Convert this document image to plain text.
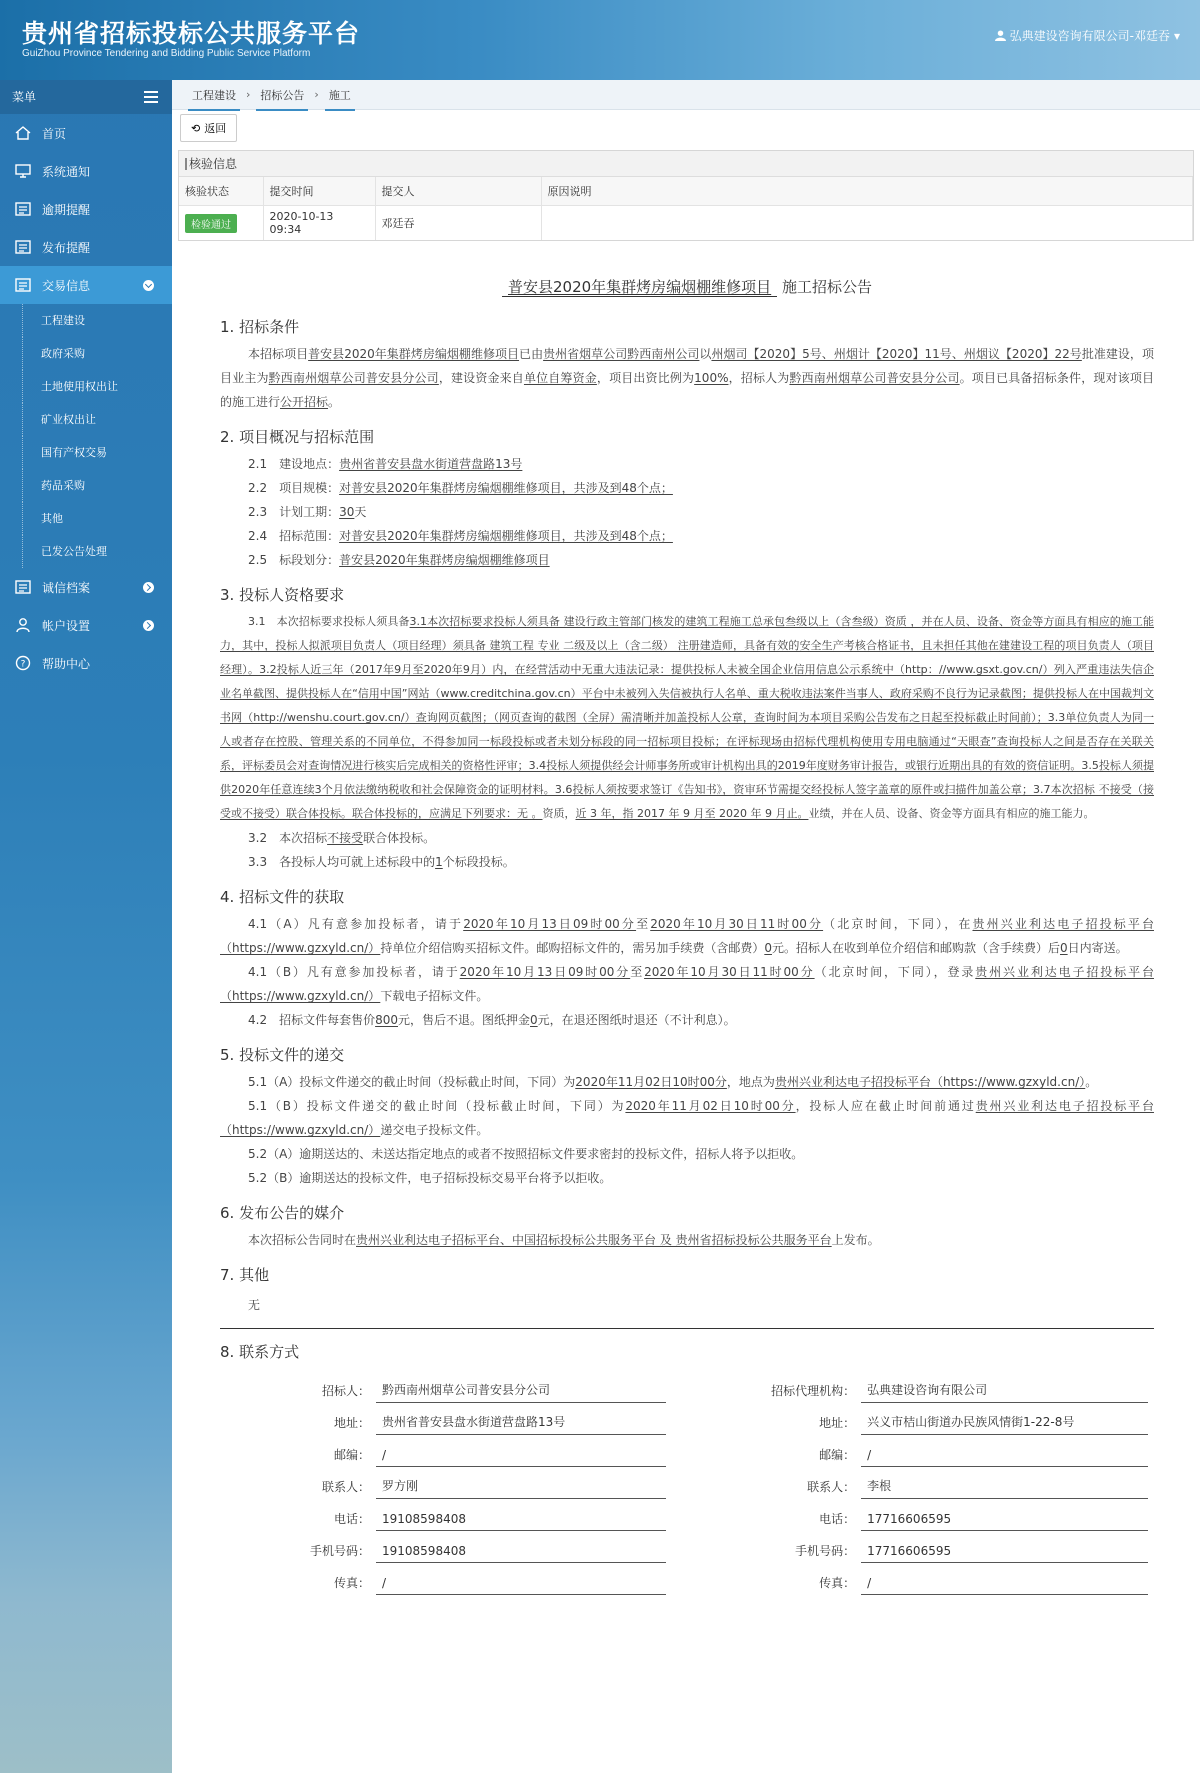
贵州省招标投标公共服务平台
GuiZhou Province Tendering and Bidding Public Service Platform
弘典建设咨询有限公司-邓廷吞 ▾
菜单
首页
系统通知
逾期提醒
发布提醒
交易信息
工程建设
政府采购
土地使用权出让
矿业权出让
国有产权交易
药品采购
其他
已发公告处理
诚信档案
帐户设置
? 帮助中心
工程建设 › 招标公告 › 施工
⟲ 返回
核验信息
核验状态	提交时间	提交人	原因说明
检验通过	2020-10-13 09:34	邓廷吞	
普安县2020年集群烤房编烟棚维修项目 施工招标公告
1. 招标条件

本招标项目普安县2020年集群烤房编烟棚维修项目已由贵州省烟草公司黔西南州公司以州烟司【2020】5号、州烟计【2020】11号、州烟议【2020】22号批准建设，项目业主为黔西南州烟草公司普安县分公司，建设资金来自单位自筹资金，项目出资比例为100%，招标人为黔西南州烟草公司普安县分公司。项目已具备招标条件，现对该项目的施工进行公开招标。

2. 项目概况与招标范围
2.1　建设地点：贵州省普安县盘水街道营盘路13号
2.2　项目规模：对普安县2020年集群烤房编烟棚维修项目，共涉及到48个点；
2.3　计划工期：30天
2.4　招标范围：对普安县2020年集群烤房编烟棚维修项目，共涉及到48个点；
2.5　标段划分：普安县2020年集群烤房编烟棚维修项目
3. 投标人资格要求

3.1　本次招标要求投标人须具备3.1本次招标要求投标人须具备 建设行政主管部门核发的建筑工程施工总承包叁级以上（含叁级）资质 ，并在人员、设备、资金等方面具有相应的施工能力，其中，投标人拟派项目负责人（项目经理）须具备 建筑工程 专业 二级及以上（含二级） 注册建造师，具备有效的安全生产考核合格证书，且未担任其他在建建设工程的项目负责人（项目经理）。3.2投标人近三年（2017年9月至2020年9月）内，在经营活动中无重大违法记录：提供投标人未被全国企业信用信息公示系统中（http：//www.gsxt.gov.cn/）列入严重违法失信企业名单截图、提供投标人在“信用中国”网站（www.creditchina.gov.cn）平台中未被列入失信被执行人名单、重大税收违法案件当事人、政府采购不良行为记录截图；提供投标人在中国裁判文书网（http://wenshu.court.gov.cn/）查询网页截图；（网页查询的截图（全屏）需清晰并加盖投标人公章，查询时间为本项目采购公告发布之日起至投标截止时间前）；3.3单位负责人为同一人或者存在控股、管理关系的不同单位，不得参加同一标段投标或者未划分标段的同一招标项目投标；在评标现场由招标代理机构使用专用电脑通过“天眼查”查询投标人之间是否存在关联关系，评标委员会对查询情况进行核实后完成相关的资格性评审；3.4投标人须提供经会计师事务所或审计机构出具的2019年度财务审计报告，或银行近期出具的有效的资信证明。3.5投标人须提供2020年任意连续3个月依法缴纳税收和社会保障资金的证明材料。3.6投标人须按要求签订《告知书》，资审环节需提交经投标人签字盖章的原件或扫描件加盖公章；3.7本次招标 不接受（接受或不接受）联合体投标。联合体投标的，应满足下列要求：无 。资质，近 3 年，指 2017 年 9 月至 2020 年 9 月止。业绩，并在人员、设备、资金等方面具有相应的施工能力。

3.2　本次招标不接受联合体投标。
3.3　各投标人均可就上述标段中的1个标段投标。
4. 招标文件的获取

4.1（A）凡有意参加投标者，请于2020年10月13日09时00分至2020年10月30日11时00分（北京时间，下同），在贵州兴业利达电子招投标平台（https://www.gzxyld.cn/）持单位介绍信购买招标文件。邮购招标文件的，需另加手续费（含邮费）0元。招标人在收到单位介绍信和邮购款（含手续费）后0日内寄送。

4.1（B）凡有意参加投标者，请于2020年10月13日09时00分至2020年10月30日11时00分（北京时间，下同），登录贵州兴业利达电子招投标平台（https://www.gzxyld.cn/）下载电子招标文件。

4.2　招标文件每套售价800元，售后不退。图纸押金0元，在退还图纸时退还（不计利息）。

5. 投标文件的递交

5.1（A）投标文件递交的截止时间（投标截止时间，下同）为2020年11月02日10时00分，地点为贵州兴业利达电子招投标平台（https://www.gzxyld.cn/）。

5.1（B）投标文件递交的截止时间（投标截止时间，下同）为2020年11月02日10时00分，投标人应在截止时间前通过贵州兴业利达电子招投标平台（https://www.gzxyld.cn/）递交电子投标文件。

5.2（A）逾期送达的、未送达指定地点的或者不按照招标文件要求密封的投标文件，招标人将予以拒收。

5.2（B）逾期送达的投标文件，电子招标投标交易平台将予以拒收。

6. 发布公告的媒介

本次招标公告同时在贵州兴业利达电子招标平台、中国招标投标公共服务平台 及 贵州省招标投标公共服务平台上发布。

7. 其他

无

8. 联系方式
招标人：	黔西南州烟草公司普安县分公司
地址：	贵州省普安县盘水街道营盘路13号
邮编：	/
联系人：	罗方刚
电话：	19108598408
手机号码：	19108598408
传真：	/
招标代理机构：	弘典建设咨询有限公司
地址：	兴义市桔山街道办民族风情街1-22-8号
邮编：	/
联系人：	李根
电话：	17716606595
手机号码：	17716606595
传真：	/
